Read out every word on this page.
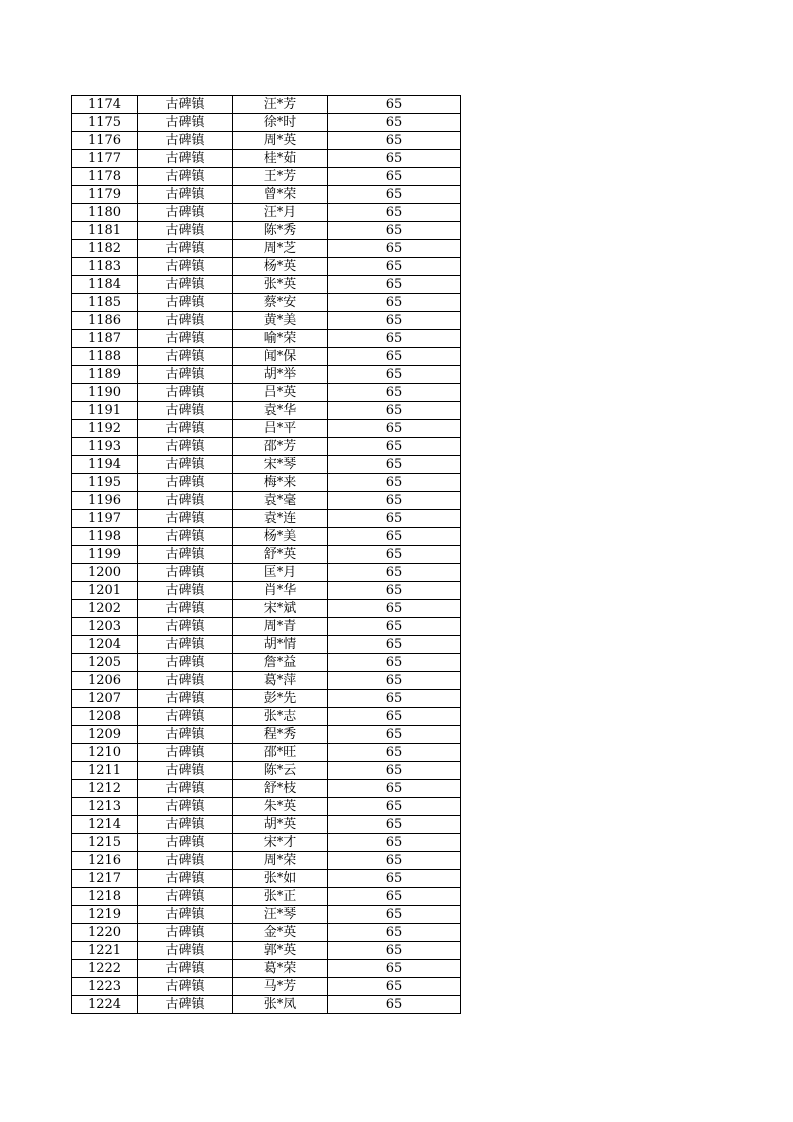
1174	古碑镇	汪*芳	65
1175	古碑镇	徐*时	65
1176	古碑镇	周*英	65
1177	古碑镇	桂*茹	65
1178	古碑镇	王*芳	65
1179	古碑镇	曾*荣	65
1180	古碑镇	汪*月	65
1181	古碑镇	陈*秀	65
1182	古碑镇	周*芝	65
1183	古碑镇	杨*英	65
1184	古碑镇	张*英	65
1185	古碑镇	蔡*安	65
1186	古碑镇	黄*美	65
1187	古碑镇	喻*荣	65
1188	古碑镇	闻*保	65
1189	古碑镇	胡*举	65
1190	古碑镇	吕*英	65
1191	古碑镇	袁*华	65
1192	古碑镇	吕*平	65
1193	古碑镇	邵*芳	65
1194	古碑镇	宋*琴	65
1195	古碑镇	梅*来	65
1196	古碑镇	袁*毫	65
1197	古碑镇	袁*连	65
1198	古碑镇	杨*美	65
1199	古碑镇	舒*英	65
1200	古碑镇	匡*月	65
1201	古碑镇	肖*华	65
1202	古碑镇	宋*斌	65
1203	古碑镇	周*青	65
1204	古碑镇	胡*情	65
1205	古碑镇	詹*益	65
1206	古碑镇	葛*萍	65
1207	古碑镇	彭*先	65
1208	古碑镇	张*志	65
1209	古碑镇	程*秀	65
1210	古碑镇	邵*旺	65
1211	古碑镇	陈*云	65
1212	古碑镇	舒*枝	65
1213	古碑镇	朱*英	65
1214	古碑镇	胡*英	65
1215	古碑镇	宋*才	65
1216	古碑镇	周*荣	65
1217	古碑镇	张*如	65
1218	古碑镇	张*正	65
1219	古碑镇	汪*琴	65
1220	古碑镇	金*英	65
1221	古碑镇	郭*英	65
1222	古碑镇	葛*荣	65
1223	古碑镇	马*芳	65
1224	古碑镇	张*凤	65
